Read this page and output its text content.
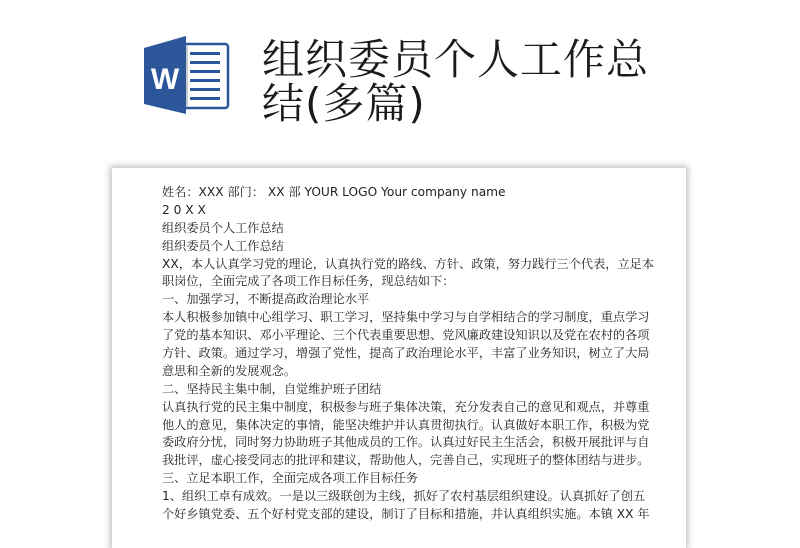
W 组织委员个人工作总
结(多篇)
姓名：XXX 部门： XX 部 YOUR LOGO Your company name
2 0 X X
组织委员个人工作总结
组织委员个人工作总结
XX，本人认真学习党的理论，认真执行党的路线、方针、政策，努力践行三个代表，立足本
职岗位，全面完成了各项工作目标任务，现总结如下：
一、加强学习，不断提高政治理论水平
本人积极参加镇中心组学习、职工学习，坚持集中学习与自学相结合的学习制度，重点学习
了党的基本知识、邓小平理论、三个代表重要思想、党风廉政建设知识以及党在农村的各项
方针、政策。通过学习，增强了党性，提高了政治理论水平，丰富了业务知识，树立了大局
意思和全新的发展观念。
二、坚持民主集中制，自觉维护班子团结
认真执行党的民主集中制度，积极参与班子集体决策，充分发表自己的意见和观点，并尊重
他人的意见，集体决定的事情，能坚决维护并认真贯彻执行。认真做好本职工作，积极为党
委政府分忧，同时努力协助班子其他成员的工作。认真过好民主生活会，积极开展批评与自
我批评，虚心接受同志的批评和建议，帮助他人，完善自己，实现班子的整体团结与进步。
三、立足本职工作，全面完成各项工作目标任务
1、组织工卓有成效。一是以三级联创为主线，抓好了农村基层组织建设。认真抓好了创五
个好乡镇党委、五个好村党支部的建设，制订了目标和措施，并认真组织实施。本镇 XX 年
